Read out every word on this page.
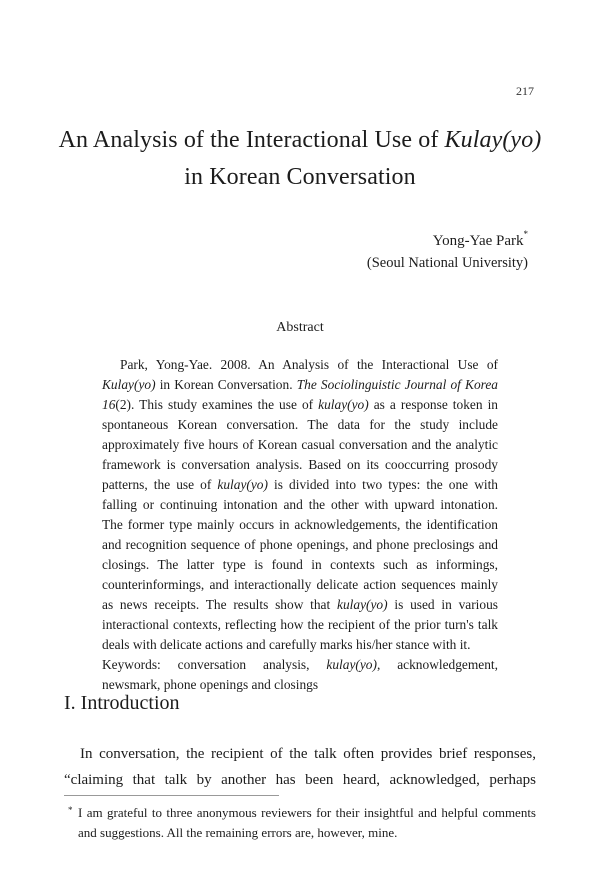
217
An Analysis of the Interactional Use of Kulay(yo)
in Korean Conversation
Yong-Yae Park*
(Seoul National University)
Abstract

Park, Yong-Yae. 2008. An Analysis of the Interactional Use of Kulay(yo) in Korean Conversation. The Sociolinguistic Journal of Korea 16(2). This study examines the use of kulay(yo) as a response token in spontaneous Korean conversation. The data for the study include approximately five hours of Korean casual conversation and the analytic framework is conversation analysis. Based on its cooccurring prosody patterns, the use of kulay(yo) is divided into two types: the one with falling or continuing intonation and the other with upward intonation. The former type mainly occurs in acknowledgements, the identification and recognition sequence of phone openings, and phone preclosings and closings. The latter type is found in contexts such as informings, counterinformings, and interactionally delicate action sequences mainly as news receipts. The results show that kulay(yo) is used in various interactional contexts, reflecting how the recipient of the prior turn's talk deals with delicate actions and carefully marks his/her stance with it.

Keywords: conversation analysis, kulay(yo), acknowledgement, newsmark, phone openings and closings

I. Introduction

In conversation, the recipient of the talk often provides brief responses, “claiming that talk by another has been heard, acknowledged, perhaps

* I am grateful to three anonymous reviewers for their insightful and helpful comments and suggestions. All the remaining errors are, however, mine.
